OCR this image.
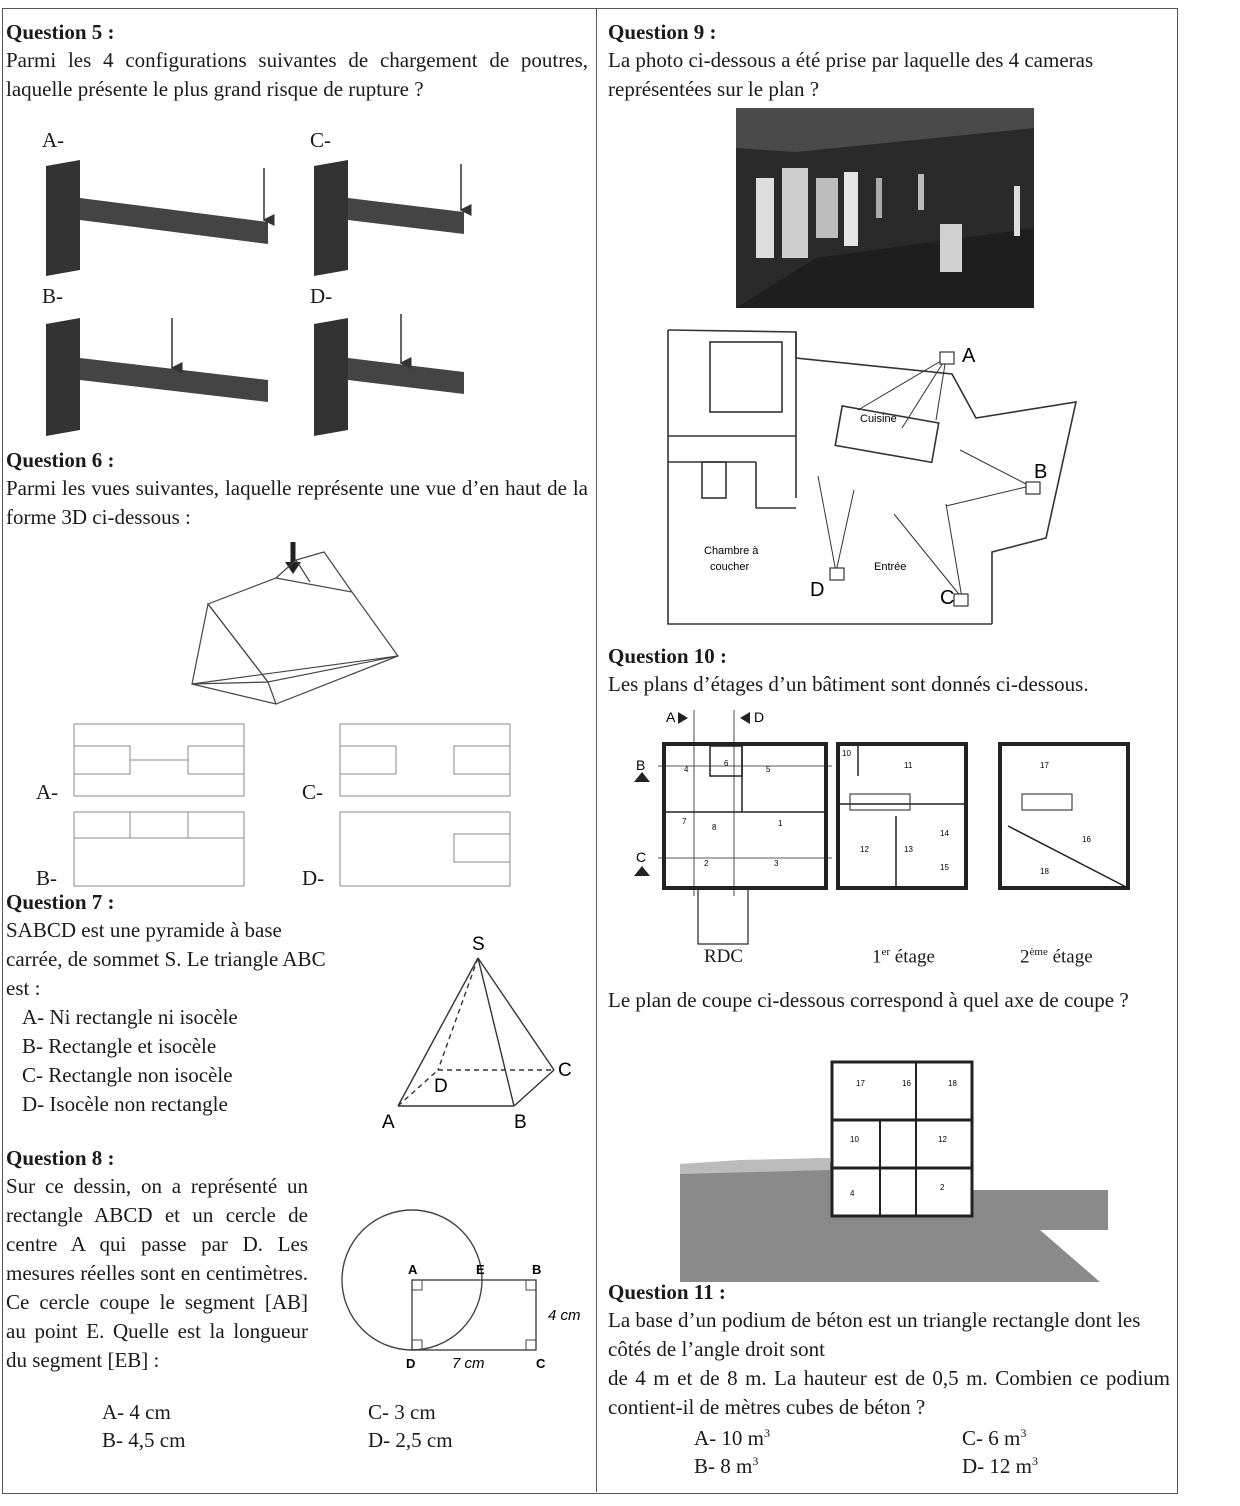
Question 5 :

Parmi les 4 configurations suivantes de chargement de poutres, laquelle présente le plus grand risque de rupture ?

A-	C-
B-	D-
Question 6 :

Parmi les vues suivantes, laquelle représente une vue d’en haut de la forme 3D ci-dessous :

A-	C-
B-	D-
Question 7 :

SABCD est une pyramide à base carrée, de sommet S. Le triangle ABC est :

A- Ni rectangle ni isocèle
B- Rectangle et isocèle
C- Rectangle non isocèle
D- Isocèle non rectangle
S
A	B
C
D
Question 8 :

Sur ce dessin, on a représenté un rectangle ABCD et un cercle de centre A qui passe par D. Les mesures réelles sont en centimètres. Ce cercle coupe le segment [AB] au point E. Quelle est la longueur du segment [EB] :

A- 4 cm
B- 4,5 cm
C- 3 cm
D- 2,5 cm
A	E	B
C
D
4 cm
7 cm
Question 9 :

La photo ci-dessous a été prise par laquelle des 4 cameras représentées sur le plan ?

Cuisine
Chambre à
coucher	Entrée
A
B
C
D
Question 10 :

Les plans d’étages d’un bâtiment sont donnés ci-dessous.

A	D
B
C
4
6
5
7
8	1
2	3
10
11
12	13
14
15
17
16
18
RDC	1er étage	2ème étage

Le plan de coupe ci-dessous correspond à quel axe de coupe ?

17	16	18
10	12
4
2
Question 11 :

La base d’un podium de béton est un triangle rectangle dont les côtés de l’angle droit sont

de 4 m et de 8 m. La hauteur est de 0,5 m. Combien ce podium contient-il de mètres cubes de béton ?

A- 10 $m^3$
B- 8 $m^3$
C- 6 $m^3$
D- 12 $m^3$
